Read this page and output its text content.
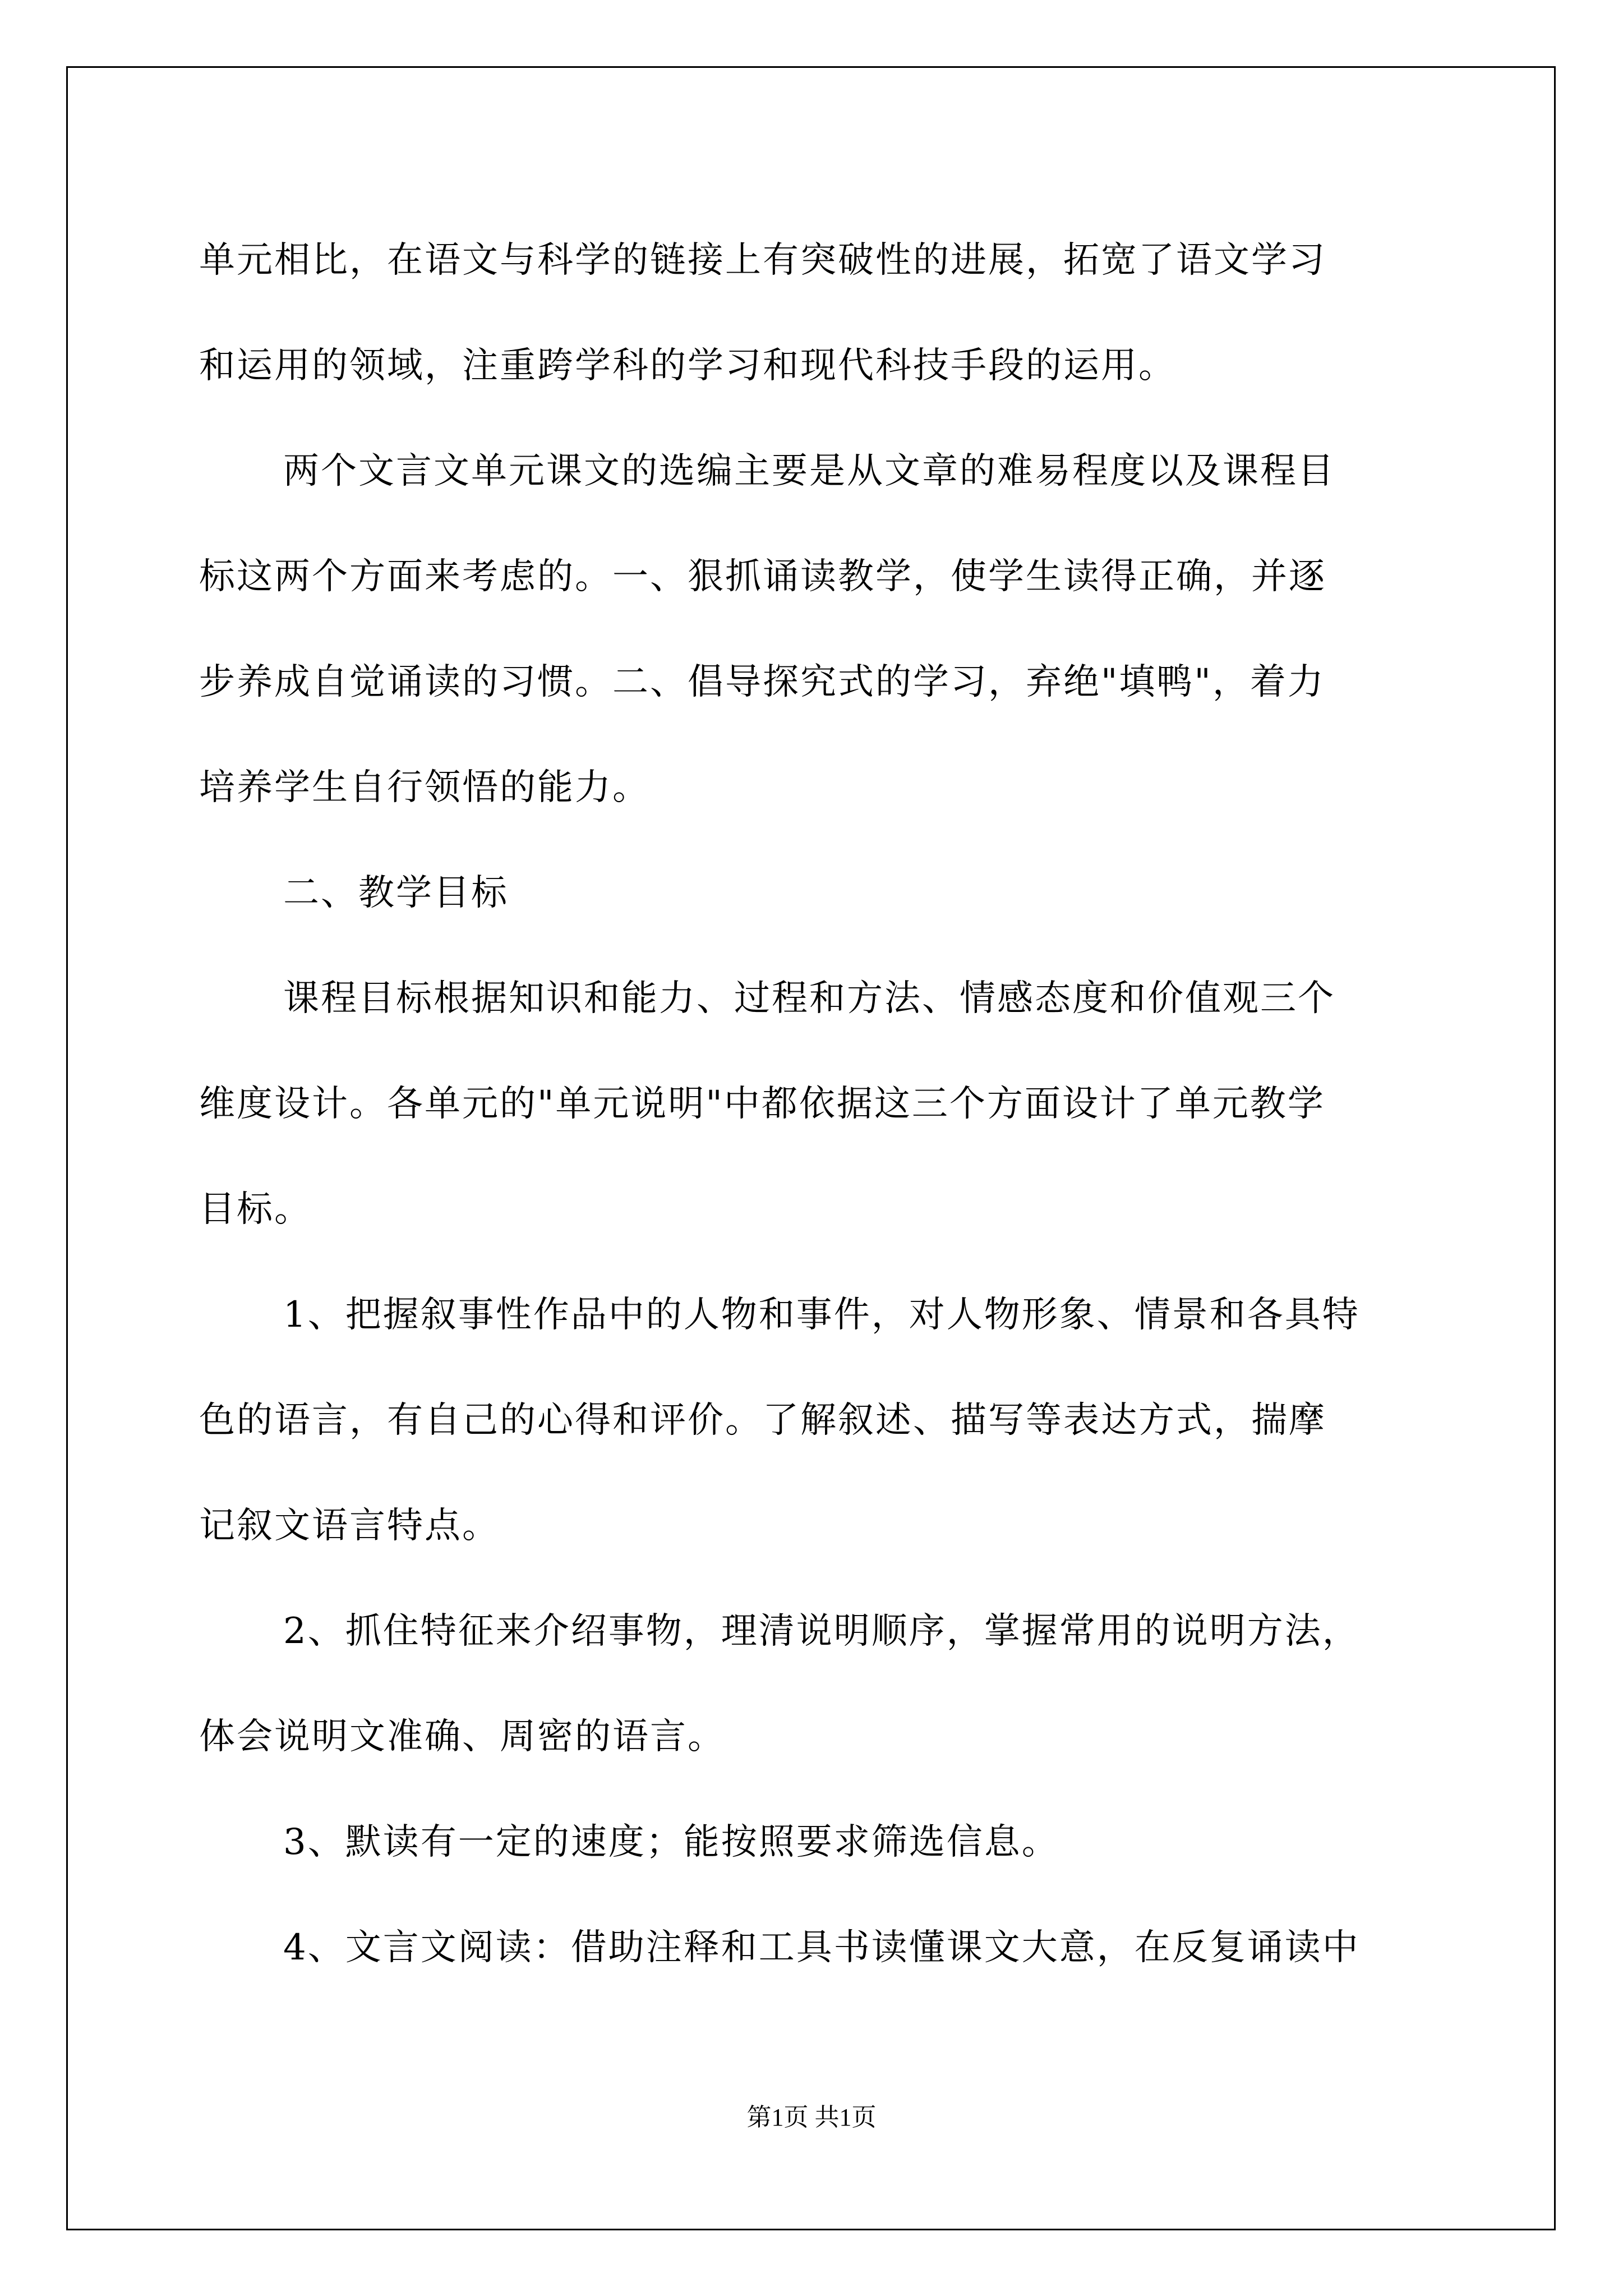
单元相比，在语文与科学的链接上有突破性的进展，拓宽了语文学习
和运用的领域，注重跨学科的学习和现代科技手段的运用。

两个文言文单元课文的选编主要是从文章的难易程度以及课程目
标这两个方面来考虑的。一、狠抓诵读教学，使学生读得正确，并逐
步养成自觉诵读的习惯。二、倡导探究式的学习，弃绝"填鸭"，着力
培养学生自行领悟的能力。

二、教学目标

课程目标根据知识和能力、过程和方法、情感态度和价值观三个
维度设计。各单元的"单元说明"中都依据这三个方面设计了单元教学
目标。

1、把握叙事性作品中的人物和事件，对人物形象、情景和各具特
色的语言，有自己的心得和评价。了解叙述、描写等表达方式，揣摩
记叙文语言特点。

2、抓住特征来介绍事物，理清说明顺序，掌握常用的说明方法，
体会说明文准确、周密的语言。

3、默读有一定的速度；能按照要求筛选信息。

4、文言文阅读：借助注释和工具书读懂课文大意，在反复诵读中

第1页 共1页
